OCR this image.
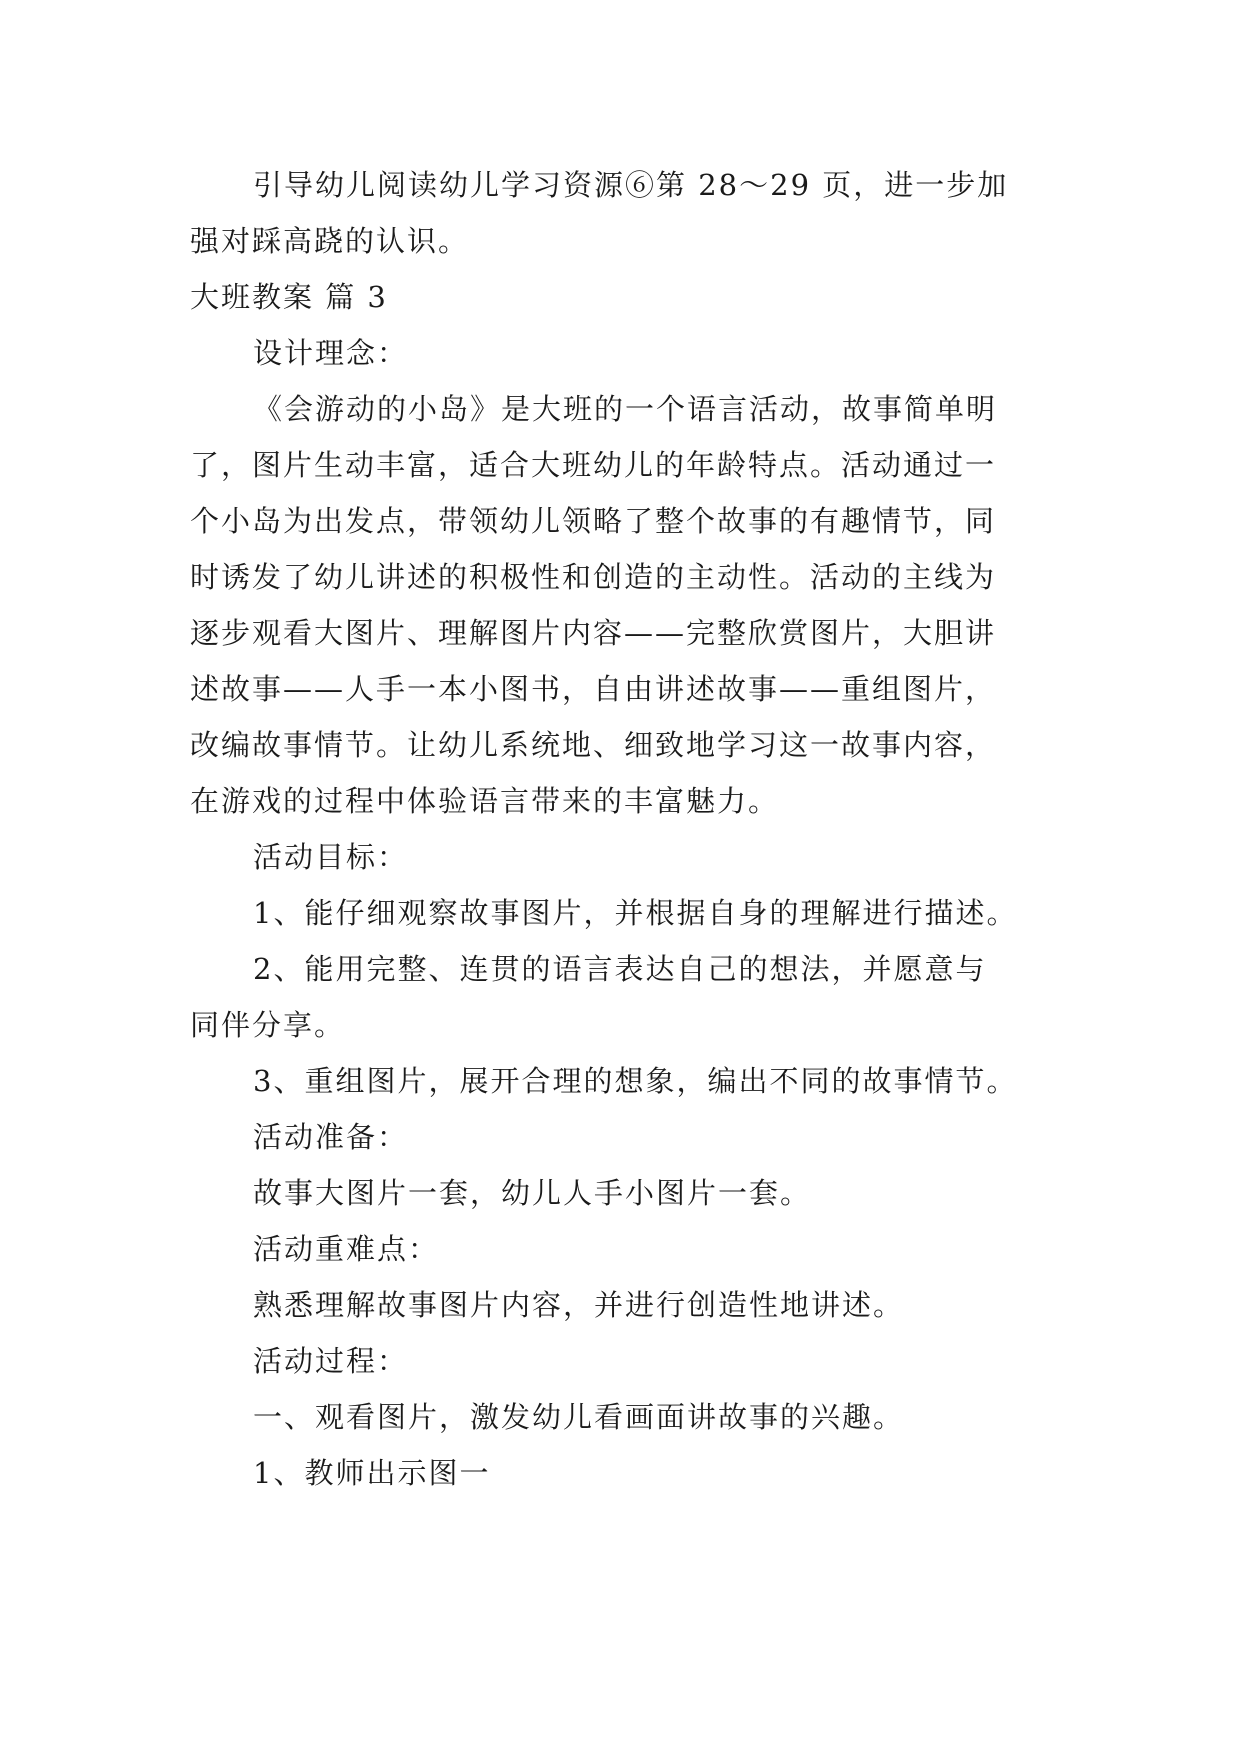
引导幼儿阅读幼儿学习资源⑥第 28～29 页，进一步加
强对踩高跷的认识。
大班教案 篇 3
设计理念：
《会游动的小岛》是大班的一个语言活动，故事简单明
了，图片生动丰富，适合大班幼儿的年龄特点。活动通过一
个小岛为出发点，带领幼儿领略了整个故事的有趣情节，同
时诱发了幼儿讲述的积极性和创造的主动性。活动的主线为
逐步观看大图片、理解图片内容——完整欣赏图片，大胆讲
述故事——人手一本小图书，自由讲述故事——重组图片，
改编故事情节。让幼儿系统地、细致地学习这一故事内容，
在游戏的过程中体验语言带来的丰富魅力。
活动目标：
1、能仔细观察故事图片，并根据自身的理解进行描述。
2、能用完整、连贯的语言表达自己的想法，并愿意与
同伴分享。
3、重组图片，展开合理的想象，编出不同的故事情节。
活动准备：
故事大图片一套，幼儿人手小图片一套。
活动重难点：
熟悉理解故事图片内容，并进行创造性地讲述。
活动过程：
一、观看图片，激发幼儿看画面讲故事的兴趣。
1、教师出示图一
